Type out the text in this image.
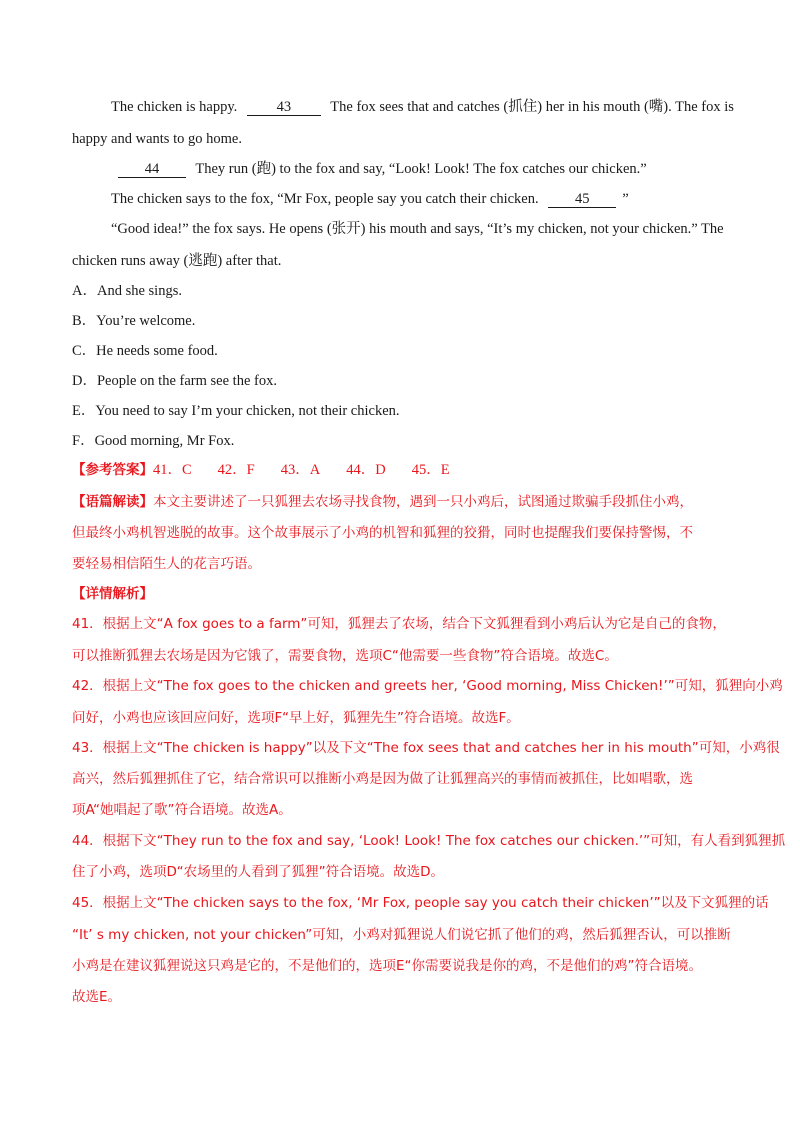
The chicken is happy.	43	The fox sees that and catches (抓住) her in his mouth (嘴). The fox is
happy and wants to go home.
44 They run (跑) to the fox and say, “Look! Look! The fox catches our chicken.”
The chicken says to the fox, “Mr Fox, people say you catch their chicken.	45 ”
“Good idea!” the fox says. He opens (张开) his mouth and says, “It’s my chicken, not your chicken.” The
chicken runs away (逃跑) after that.
A．And she sings.
B．You’re welcome.
C．He needs some food.
D．People on the farm see the fox.
E．You need to say I’m your chicken, not their chicken.
F．Good morning, Mr Fox.
【参考答案】41．C 42．F 43．A 44．D 45．E
【语篇解读】本文主要讲述了一只狐狸去农场寻找食物，遇到一只小鸡后，试图通过欺骗手段抓住小鸡，
但最终小鸡机智逃脱的故事。这个故事展示了小鸡的机智和狐狸的狡猾，同时也提醒我们要保持警惕，不
要轻易相信陌生人的花言巧语。
【详情解析】
41．根据上文“A fox goes to a farm”可知，狐狸去了农场，结合下文狐狸看到小鸡后认为它是自己的食物，
可以推断狐狸去农场是因为它饿了，需要食物，选项C“他需要一些食物”符合语境。故选C。
42．根据上文“The fox goes to the chicken and greets her, ‘Good morning, Miss Chicken!’”可知，狐狸向小鸡
问好，小鸡也应该回应问好，选项F“早上好，狐狸先生”符合语境。故选F。
43．根据上文“The chicken is happy”以及下文“The fox sees that and catches her in his mouth”可知，小鸡很
高兴，然后狐狸抓住了它，结合常识可以推断小鸡是因为做了让狐狸高兴的事情而被抓住，比如唱歌，选
项A“她唱起了歌”符合语境。故选A。
44．根据下文“They run to the fox and say, ‘Look! Look! The fox catches our chicken.’”可知，有人看到狐狸抓
住了小鸡，选项D“农场里的人看到了狐狸”符合语境。故选D。
45．根据上文“The chicken says to the fox, ‘Mr Fox, people say you catch their chicken’”以及下文狐狸的话
“It’ s my chicken, not your chicken”可知，小鸡对狐狸说人们说它抓了他们的鸡，然后狐狸否认，可以推断
小鸡是在建议狐狸说这只鸡是它的，不是他们的，选项E“你需要说我是你的鸡，不是他们的鸡”符合语境。
故选E。
